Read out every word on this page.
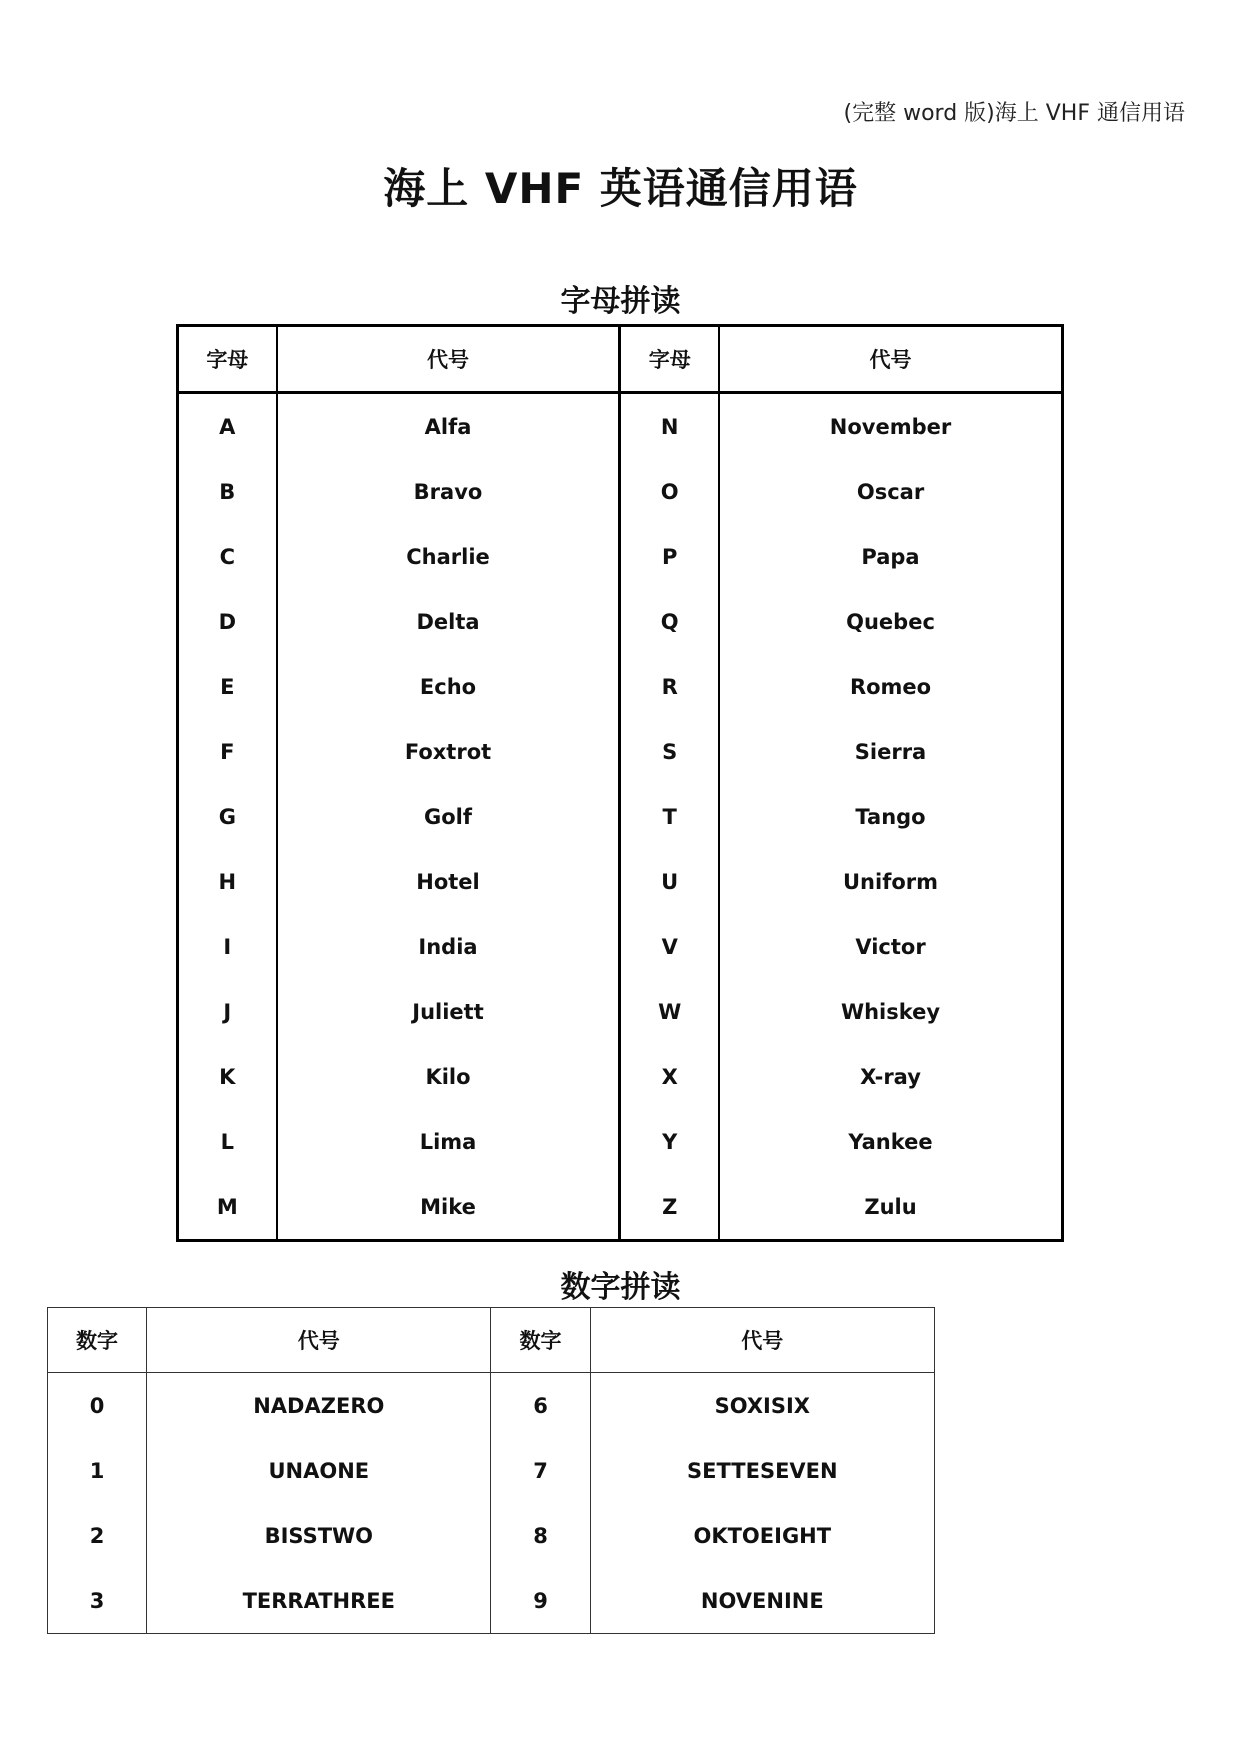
(完整 word 版)海上 VHF 通信用语
海上 VHF 英语通信用语
字母拼读
字母	代号	字母	代号
A	Alfa	N	November
B	Bravo	O	Oscar
C	Charlie	P	Papa
D	Delta	Q	Quebec
E	Echo	R	Romeo
F	Foxtrot	S	Sierra
G	Golf	T	Tango
H	Hotel	U	Uniform
I	India	V	Victor
J	Juliett	W	Whiskey
K	Kilo	X	X-ray
L	Lima	Y	Yankee
M	Mike	Z	Zulu
数字拼读
数字	代号	数字	代号
0	NADAZERO	6	SOXISIX
1	UNAONE	7	SETTESEVEN
2	BISSTWO	8	OKTOEIGHT
3	TERRATHREE	9	NOVENINE
